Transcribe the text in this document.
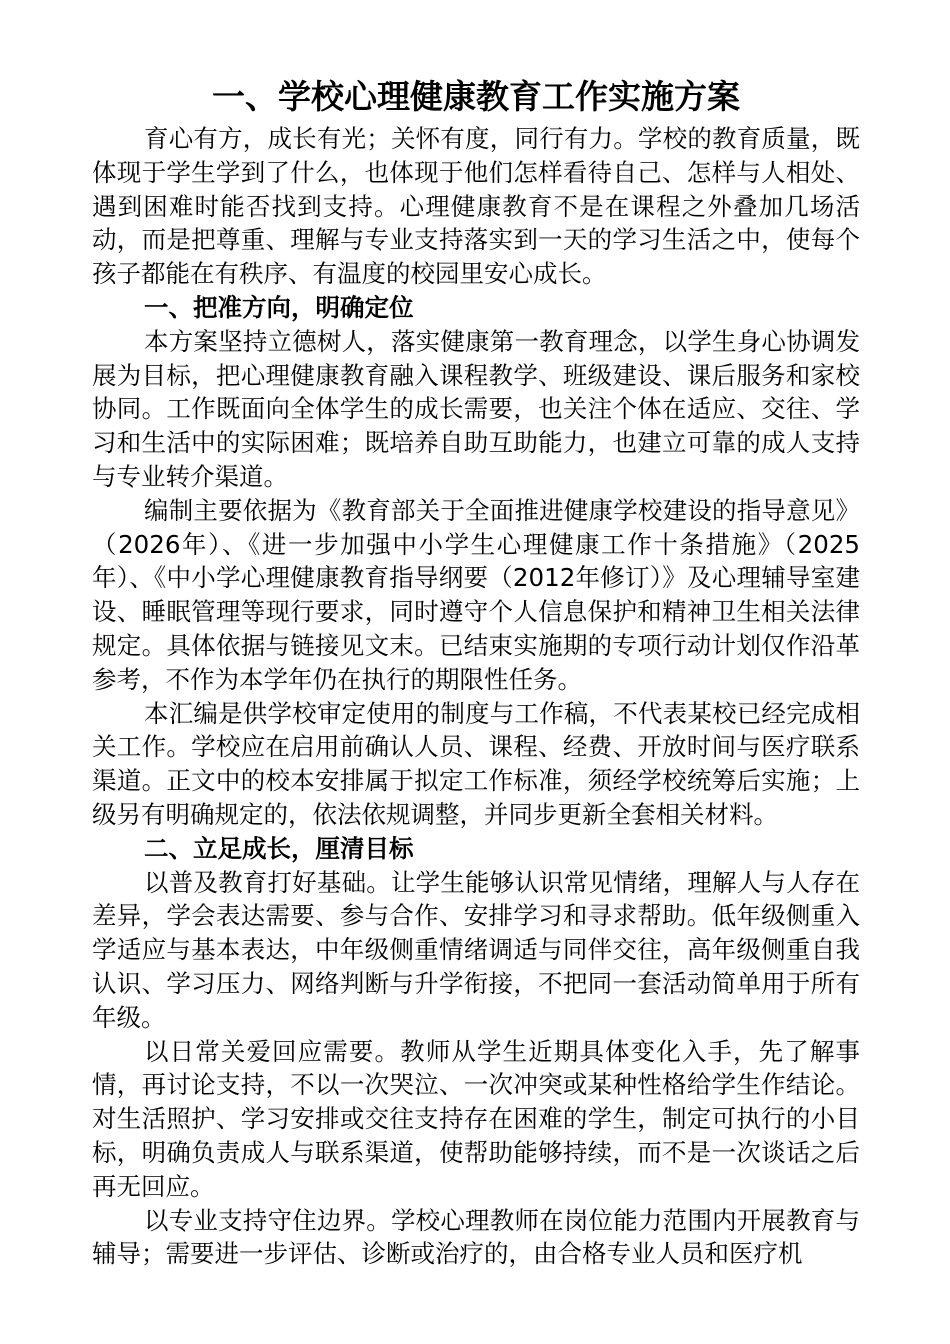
一、学校心理健康教育工作实施方案

育心有方，成长有光；关怀有度，同行有力。学校的教育质量，既体现于学生学到了什么，也体现于他们怎样看待自己、怎样与人相处、遇到困难时能否找到支持。心理健康教育不是在课程之外叠加几场活动，而是把尊重、理解与专业支持落实到一天的学习生活之中，使每个孩子都能在有秩序、有温度的校园里安心成长。

一、把准方向，明确定位

本方案坚持立德树人，落实健康第一教育理念，以学生身心协调发展为目标，把心理健康教育融入课程教学、班级建设、课后服务和家校协同。工作既面向全体学生的成长需要，也关注个体在适应、交往、学习和生活中的实际困难；既培养自助互助能力，也建立可靠的成人支持与专业转介渠道。

编制主要依据为《教育部关于全面推进健康学校建设的指导意见》（2026年）、《进一步加强中小学生心理健康工作十条措施》（2025年）、《中小学心理健康教育指导纲要（2012年修订）》及心理辅导室建设、睡眠管理等现行要求，同时遵守个人信息保护和精神卫生相关法律规定。具体依据与链接见文末。已结束实施期的专项行动计划仅作沿革参考，不作为本学年仍在执行的期限性任务。

本汇编是供学校审定使用的制度与工作稿，不代表某校已经完成相关工作。学校应在启用前确认人员、课程、经费、开放时间与医疗联系渠道。正文中的校本安排属于拟定工作标准，须经学校统筹后实施；上级另有明确规定的，依法依规调整，并同步更新全套相关材料。

二、立足成长，厘清目标

以普及教育打好基础。让学生能够认识常见情绪，理解人与人存在差异，学会表达需要、参与合作、安排学习和寻求帮助。低年级侧重入学适应与基本表达，中年级侧重情绪调适与同伴交往，高年级侧重自我认识、学习压力、网络判断与升学衔接，不把同一套活动简单用于所有年级。

以日常关爱回应需要。教师从学生近期具体变化入手，先了解事情，再讨论支持，不以一次哭泣、一次冲突或某种性格给学生作结论。对生活照护、学习安排或交往支持存在困难的学生，制定可执行的小目标，明确负责成人与联系渠道，使帮助能够持续，而不是一次谈话之后再无回应。

以专业支持守住边界。学校心理教师在岗位能力范围内开展教育与辅导；需要进一步评估、诊断或治疗的，由合格专业人员和医疗机
